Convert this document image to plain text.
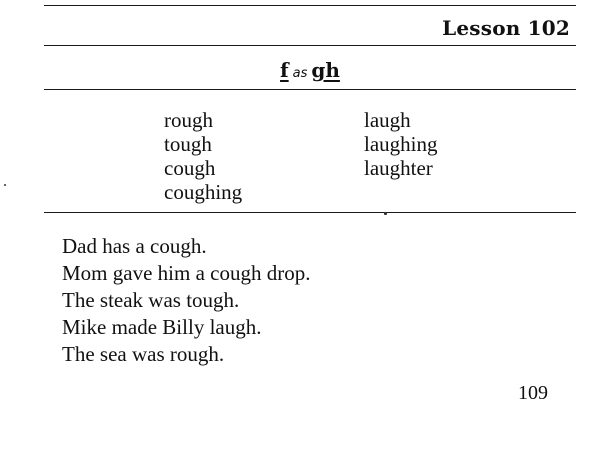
Lesson 102
fas gh
rough
tough
cough
coughing
laugh
laughing
laughter
Dad has a cough.
Mom gave him a cough drop.
The steak was tough.
Mike made Billy laugh.
The sea was rough.
109
